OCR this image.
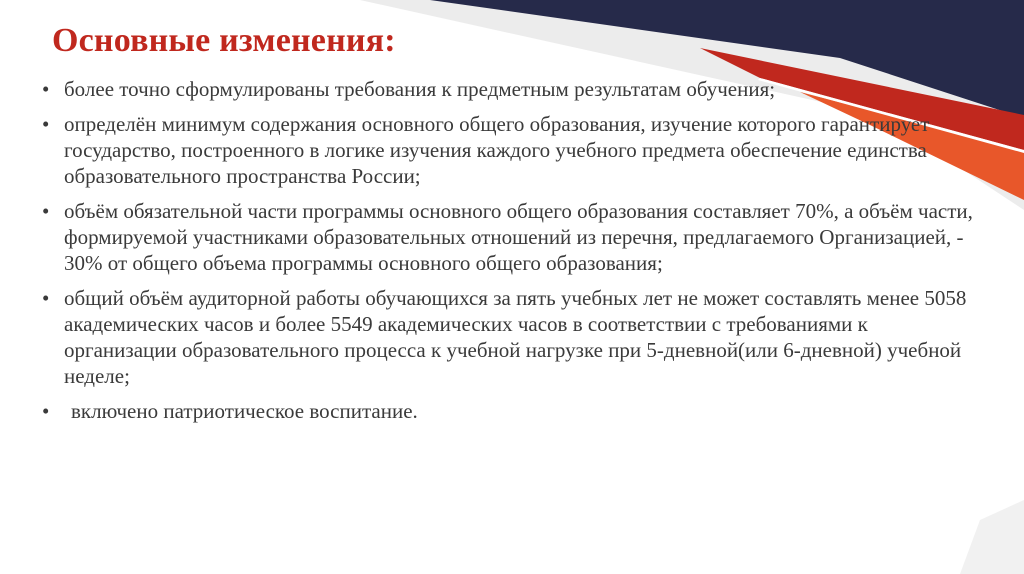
Основные изменения:
• более точно сформулированы требования к предметным результатам обучения;
• определён минимум содержания основного общего образования, изучение которого гарантирует государство, построенного в логике изучения каждого учебного предмета обеспечение единства образовательного пространства России;
• объём обязательной части программы основного общего образования составляет 70%, а объём части, формируемой участниками образовательных отношений из перечня, предлагаемого Организацией, - 30% от общего объема программы основного общего образования;
• общий объём аудиторной работы обучающихся за пять учебных лет не может составлять менее 5058 академических часов и более 5549 академических часов в соответствии с требованиями к организации образовательного процесса к учебной нагрузке при 5-дневной(или 6-дневной) учебной неделе;
• включено патриотическое воспитание.
